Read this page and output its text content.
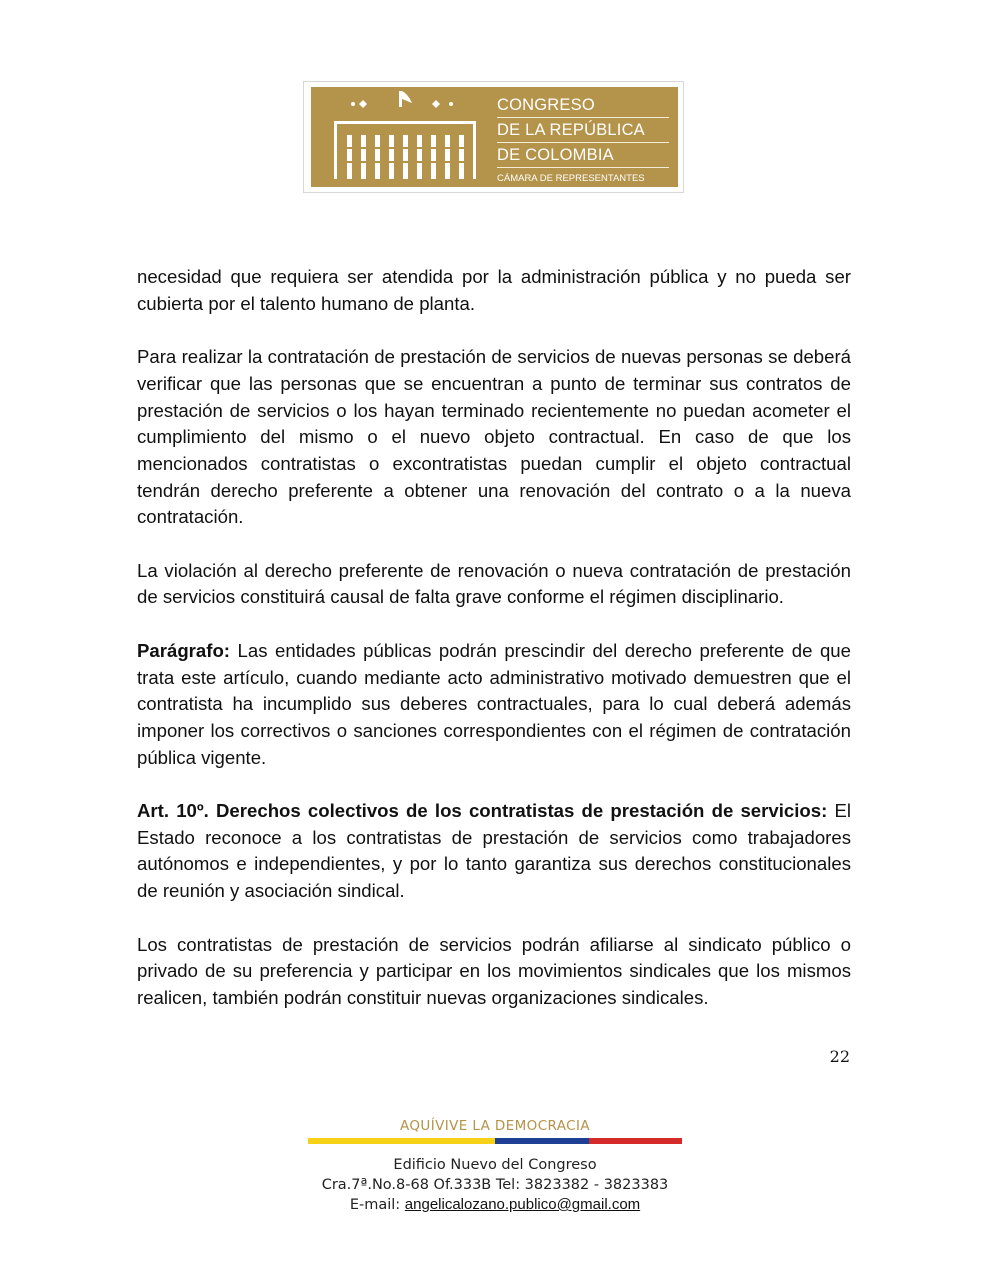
CONGRESO
DE LA REPÚBLICA
DE COLOMBIA
CÁMARA DE REPRESENTANTES

necesidad que requiera ser atendida por la administración pública y no pueda ser cubierta por el talento humano de planta.

Para realizar la contratación de prestación de servicios de nuevas personas se deberá verificar que las personas que se encuentran a punto de terminar sus contratos de prestación de servicios o los hayan terminado recientemente no puedan acometer el cumplimiento del mismo o el nuevo objeto contractual. En caso de que los mencionados contratistas o excontratistas puedan cumplir el objeto contractual tendrán derecho preferente a obtener una renovación del contrato o a la nueva contratación.

La violación al derecho preferente de renovación o nueva contratación de prestación de servicios constituirá causal de falta grave conforme el régimen disciplinario.

Parágrafo: Las entidades públicas podrán prescindir del derecho preferente de que trata este artículo, cuando mediante acto administrativo motivado demuestren que el contratista ha incumplido sus deberes contractuales, para lo cual deberá además imponer los correctivos o sanciones correspondientes con el régimen de contratación pública vigente.

Art. 10º. Derechos colectivos de los contratistas de prestación de servicios: El Estado reconoce a los contratistas de prestación de servicios como trabajadores autónomos e independientes, y por lo tanto garantiza sus derechos constitucionales de reunión y asociación sindical.

Los contratistas de prestación de servicios podrán afiliarse al sindicato público o privado de su preferencia y participar en los movimientos sindicales que los mismos realicen, también podrán constituir nuevas organizaciones sindicales.

22
AQUÍVIVE LA DEMOCRACIA
Edificio Nuevo del Congreso
Cra.7ª.No.8-68 Of.333B Tel: 3823382 - 3823383
E-mail: angelicalozano.publico@gmail.com
